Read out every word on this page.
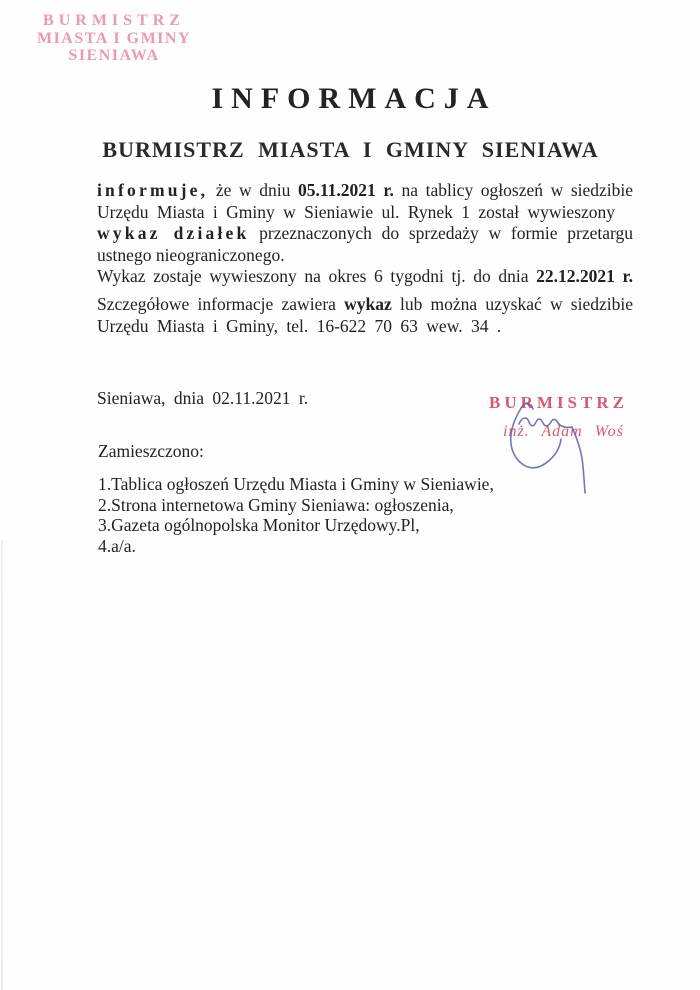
BURMISTRZ
MIASTA I GMINY
SIENIAWA
INFORMACJA
BURMISTRZ MIASTA I GMINY SIENIAWA
informuje, że w dniu 05.11.2021 r. na tablicy ogłoszeń w siedzibie
Urzędu Miasta i Gminy w Sieniawie ul. Rynek 1 został wywieszony
wykaz działek przeznaczonych do sprzedaży w formie przetargu
ustnego nieograniczonego.
Wykaz zostaje wywieszony na okres 6 tygodni tj. do dnia 22.12.2021 r.
Szczegółowe informacje zawiera wykaz lub można uzyskać w siedzibie
Urzędu Miasta i Gminy, tel. 16-622 70 63 wew. 34 .
Sieniawa, dnia 02.11.2021 r.	BURMISTRZ
inż. Adam Woś
Zamieszczono:
1.Tablica ogłoszeń Urzędu Miasta i Gminy w Sieniawie,
2.Strona internetowa Gminy Sieniawa: ogłoszenia,
3.Gazeta ogólnopolska Monitor Urzędowy.Pl,
4.a/a.
